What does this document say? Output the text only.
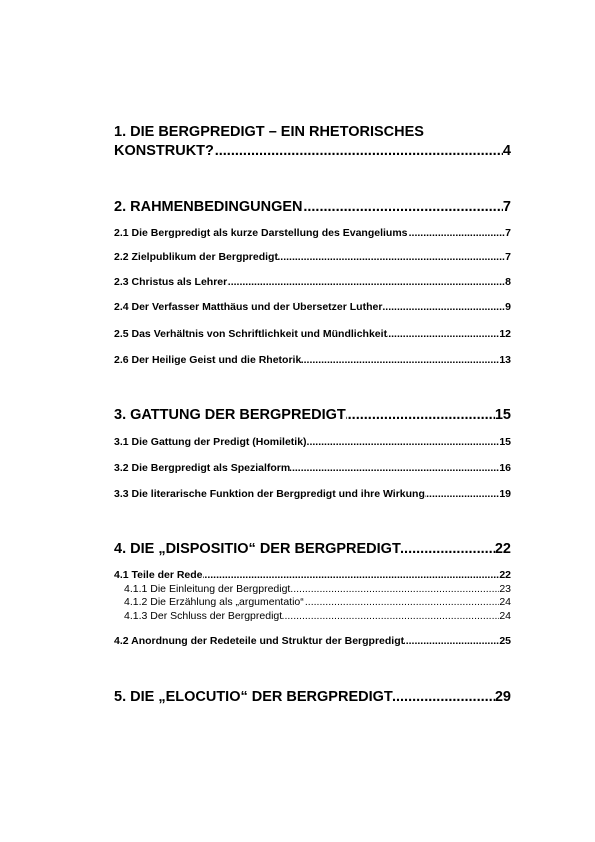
1. DIE BERGPREDIGT – EIN RHETORISCHES
.....
KONSTRUKT?	4
.....
2. RAHMENBEDINGUNGEN	7
.....
2.1 Die Bergpredigt als kurze Darstellung des Evangeliums	7
.....
2.2 Zielpublikum der Bergpredigt	7
.....
2.3 Christus als Lehrer	8
.....
2.4 Der Verfasser Matthäus und der Übersetzer Luther	9
.....
2.5 Das Verhältnis von Schriftlichkeit und Mündlichkeit	12
.....
2.6 Der Heilige Geist und die Rhetorik	13
.....
3. GATTUNG DER BERGPREDIGT	15
.....
3.1 Die Gattung der Predigt (Homiletik)	15
.....
3.2 Die Bergpredigt als Spezialform	16
.....
3.3 Die literarische Funktion der Bergpredigt und ihre Wirkung	19
.....
4. DIE „DISPOSITIO“ DER BERGPREDIGT	22
.....
4.1 Teile der Rede	22
.....
4.1.1 Die Einleitung der Bergpredigt	23
.....
4.1.2 Die Erzählung als „argumentatio“	24
.....
4.1.3 Der Schluss der Bergpredigt	24
.....
4.2 Anordnung der Redeteile und Struktur der Bergpredigt	25
.....
5. DIE „ELOCUTIO“ DER BERGPREDIGT	29
